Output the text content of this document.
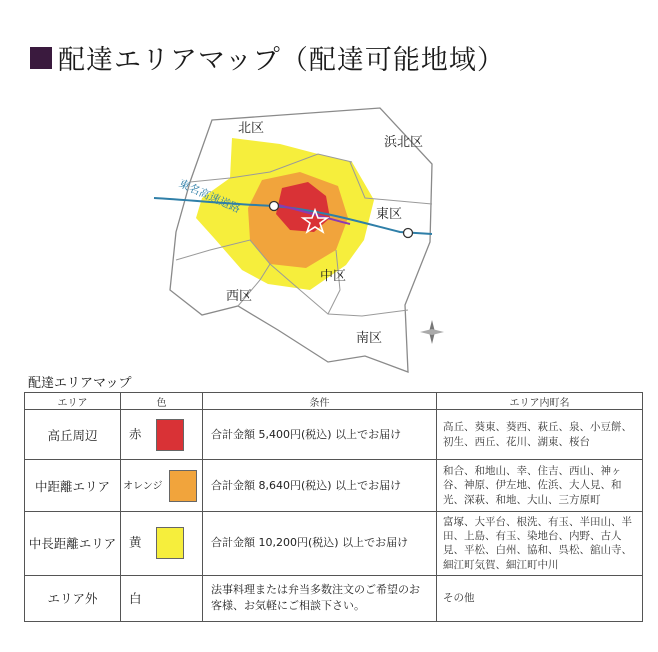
配達エリアマップ（配達可能地域）
北区
浜北区
東区
中区
西区
南区
東名高速道路
配達エリアマップ
エリア	色	条件	エリア内町名
高丘周辺	赤	合計金額 5,400円(税込) 以上でお届け	高丘、葵東、葵西、萩丘、泉、小豆餅、初生、西丘、花川、湖東、桜台
中距離エリア	オレンジ	合計金額 8,640円(税込) 以上でお届け	和合、和地山、幸、住吉、西山、神ヶ谷、神原、伊左地、佐浜、大人見、和光、深萩、和地、大山、三方原町
中長距離エリア	黄	合計金額 10,200円(税込) 以上でお届け	富塚、大平台、根洗、有玉、半田山、半田、上島、有玉、染地台、内野、古人見、平松、白州、協和、呉松、舘山寺、細江町気賀、細江町中川
エリア外	白	法事料理または弁当多数注文のご希望のお客様、お気軽にご相談下さい。	その他
